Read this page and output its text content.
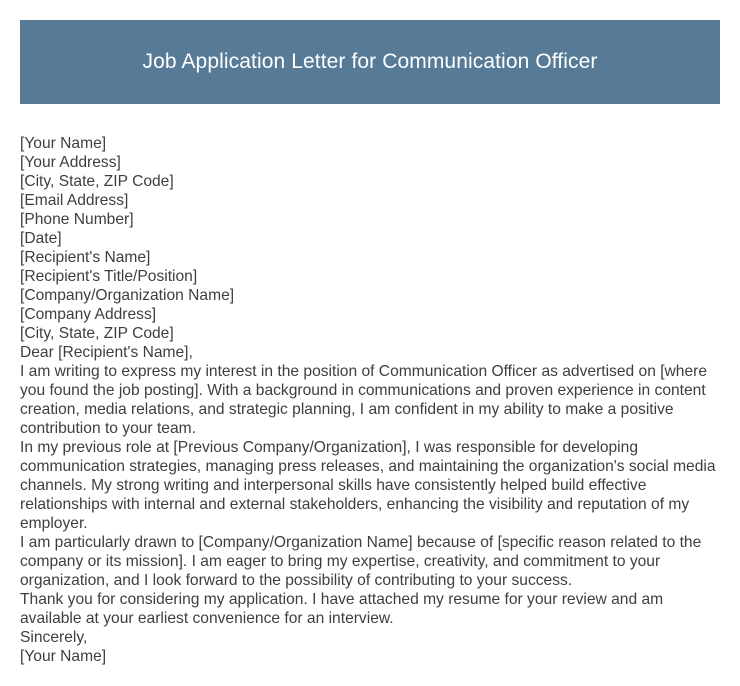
Job Application Letter for Communication Officer
[Your Name]
[Your Address]
[City, State, ZIP Code]
[Email Address]
[Phone Number]
[Date]
[Recipient's Name]
[Recipient's Title/Position]
[Company/Organization Name]
[Company Address]
[City, State, ZIP Code]
Dear [Recipient's Name],

I am writing to express my interest in the position of Communication Officer as advertised on [where you found the job posting]. With a background in communications and proven experience in content creation, media relations, and strategic planning, I am confident in my ability to make a positive contribution to your team.

In my previous role at [Previous Company/Organization], I was responsible for developing communication strategies, managing press releases, and maintaining the organization's social media channels. My strong writing and interpersonal skills have consistently helped build effective relationships with internal and external stakeholders, enhancing the visibility and reputation of my employer.

I am particularly drawn to [Company/Organization Name] because of [specific reason related to the company or its mission]. I am eager to bring my expertise, creativity, and commitment to your organization, and I look forward to the possibility of contributing to your success.

Thank you for considering my application. I have attached my resume for your review and am available at your earliest convenience for an interview.

Sincerely,
[Your Name]
